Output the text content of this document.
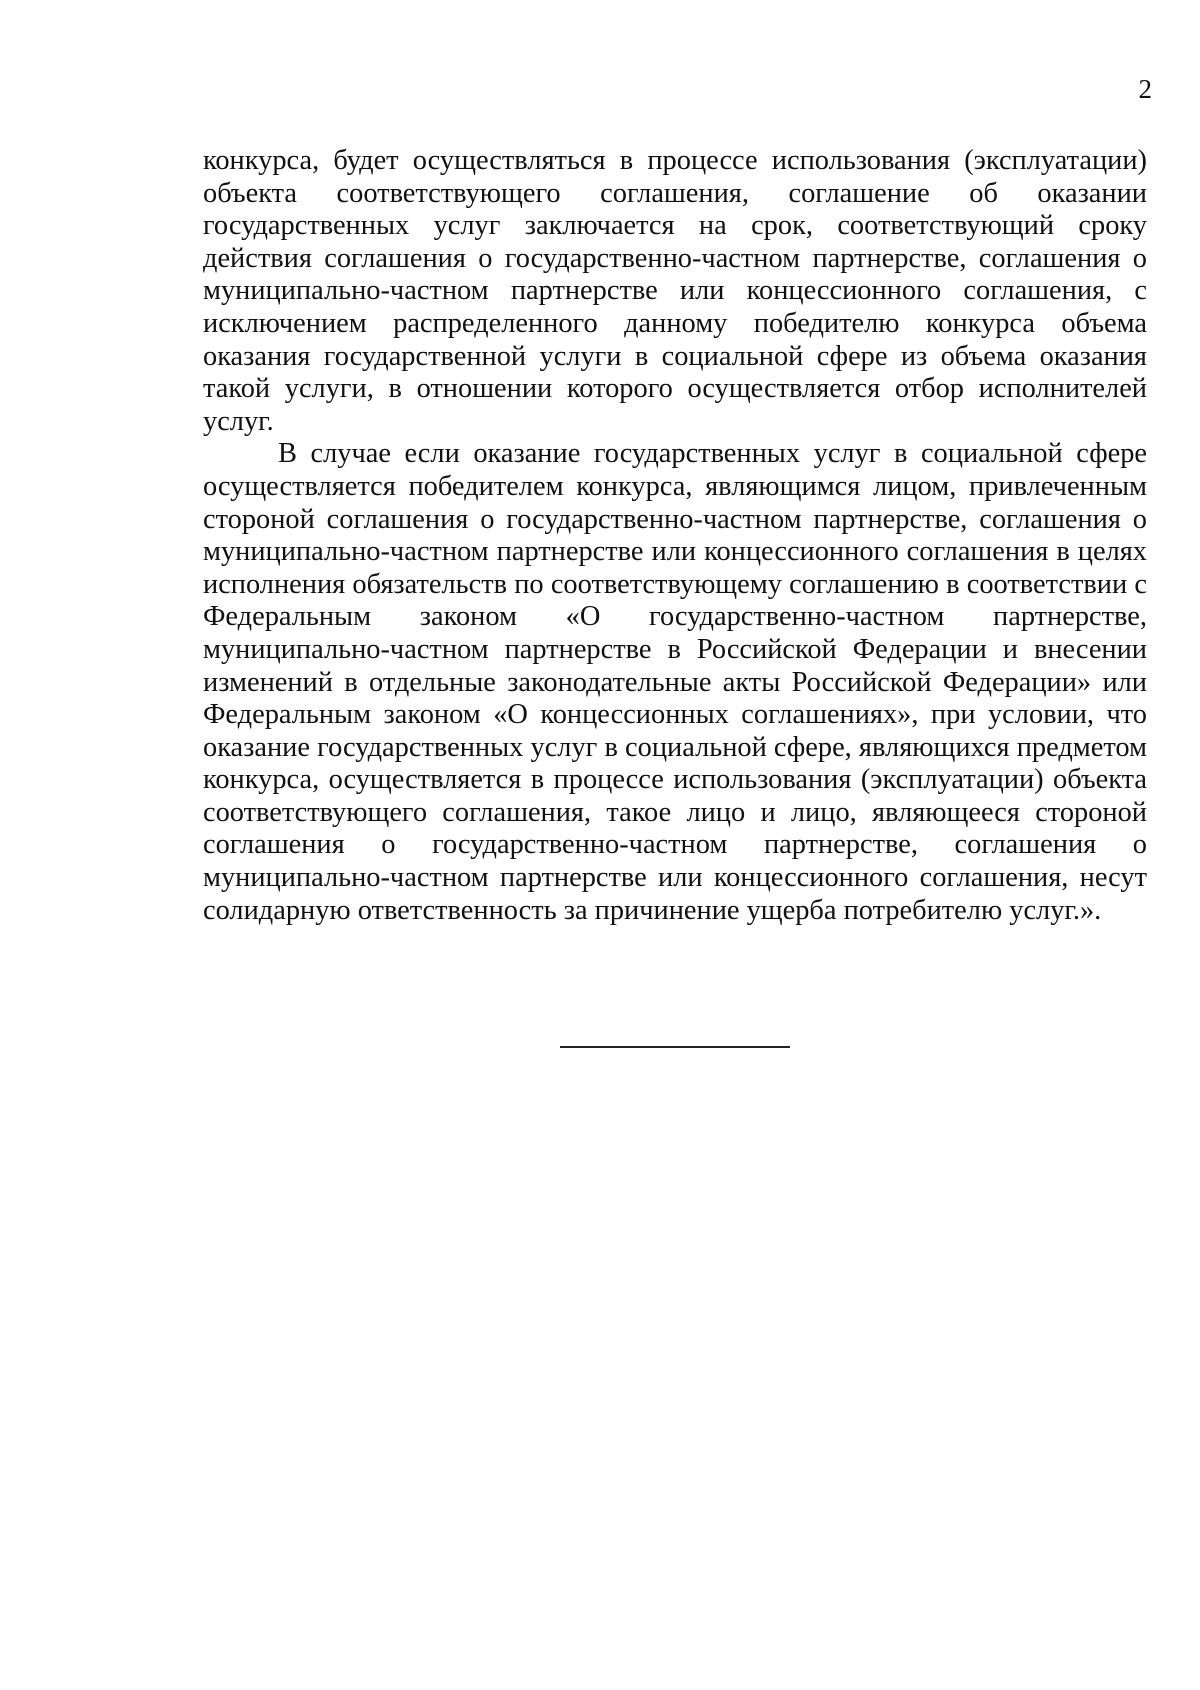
2
конкурса, будет осуществляться в процессе использования (эксплуатации)
объекта соответствующего соглашения, соглашение об оказании
государственных услуг заключается на срок, соответствующий сроку
действия соглашения о государственно-частном партнерстве, соглашения о
муниципально-частном партнерстве или концессионного соглашения, с
исключением распределенного данному победителю конкурса объема
оказания государственной услуги в социальной сфере из объема оказания
такой услуги, в отношении которого осуществляется отбор исполнителей
услуг.
В случае если оказание государственных услуг в социальной сфере
осуществляется победителем конкурса, являющимся лицом, привлеченным
стороной соглашения о государственно-частном партнерстве, соглашения о
муниципально-частном партнерстве или концессионного соглашения в целях
исполнения обязательств по соответствующему соглашению в соответствии с
Федеральным законом «О государственно-частном партнерстве,
муниципально-частном партнерстве в Российской Федерации и внесении
изменений в отдельные законодательные акты Российской Федерации» или
Федеральным законом «О концессионных соглашениях», при условии, что
оказание государственных услуг в социальной сфере, являющихся предметом
конкурса, осуществляется в процессе использования (эксплуатации) объекта
соответствующего соглашения, такое лицо и лицо, являющееся стороной
соглашения о государственно-частном партнерстве, соглашения о
муниципально-частном партнерстве или концессионного соглашения, несут
солидарную ответственность за причинение ущерба потребителю услуг.».
